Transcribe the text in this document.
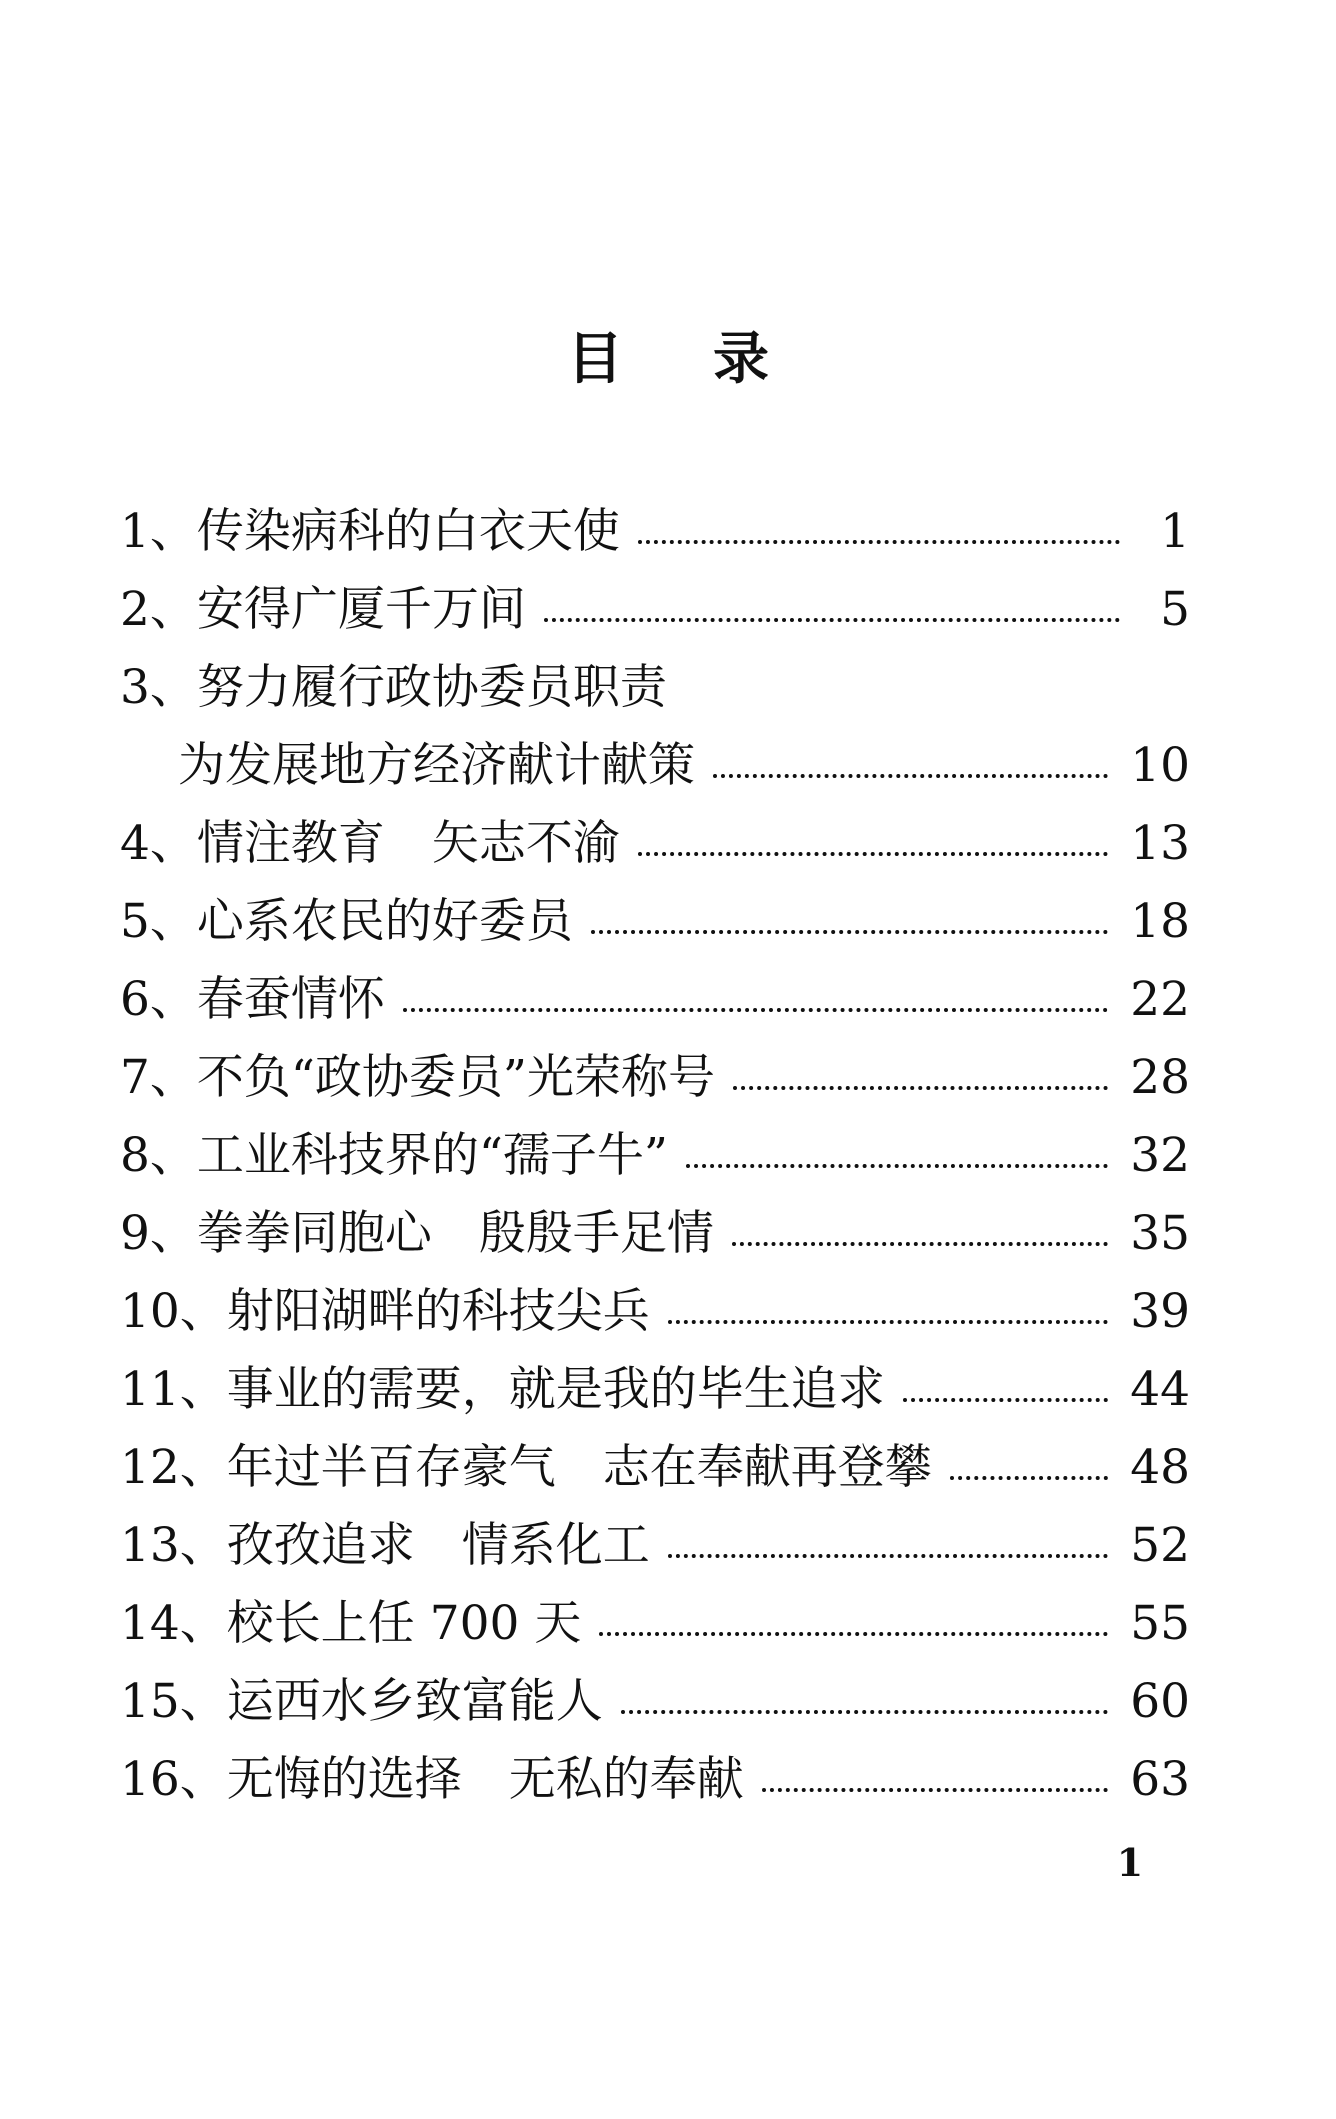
目录
1、传染病科的白衣天使	1
2、安得广厦千万间	5
3、努力履行政协委员职责
为发展地方经济献计献策	10
4、情注教育　矢志不渝	13
5、心系农民的好委员	18
6、春蚕情怀	22
7、不负“政协委员”光荣称号	28
8、工业科技界的“孺子牛”	32
9、拳拳同胞心　殷殷手足情	35
10、射阳湖畔的科技尖兵	39
11、事业的需要，就是我的毕生追求	44
12、年过半百存豪气　志在奉献再登攀	48
13、孜孜追求　情系化工	52
14、校长上任 700 天	55
15、运西水乡致富能人	60
16、无悔的选择　无私的奉献	63
1
